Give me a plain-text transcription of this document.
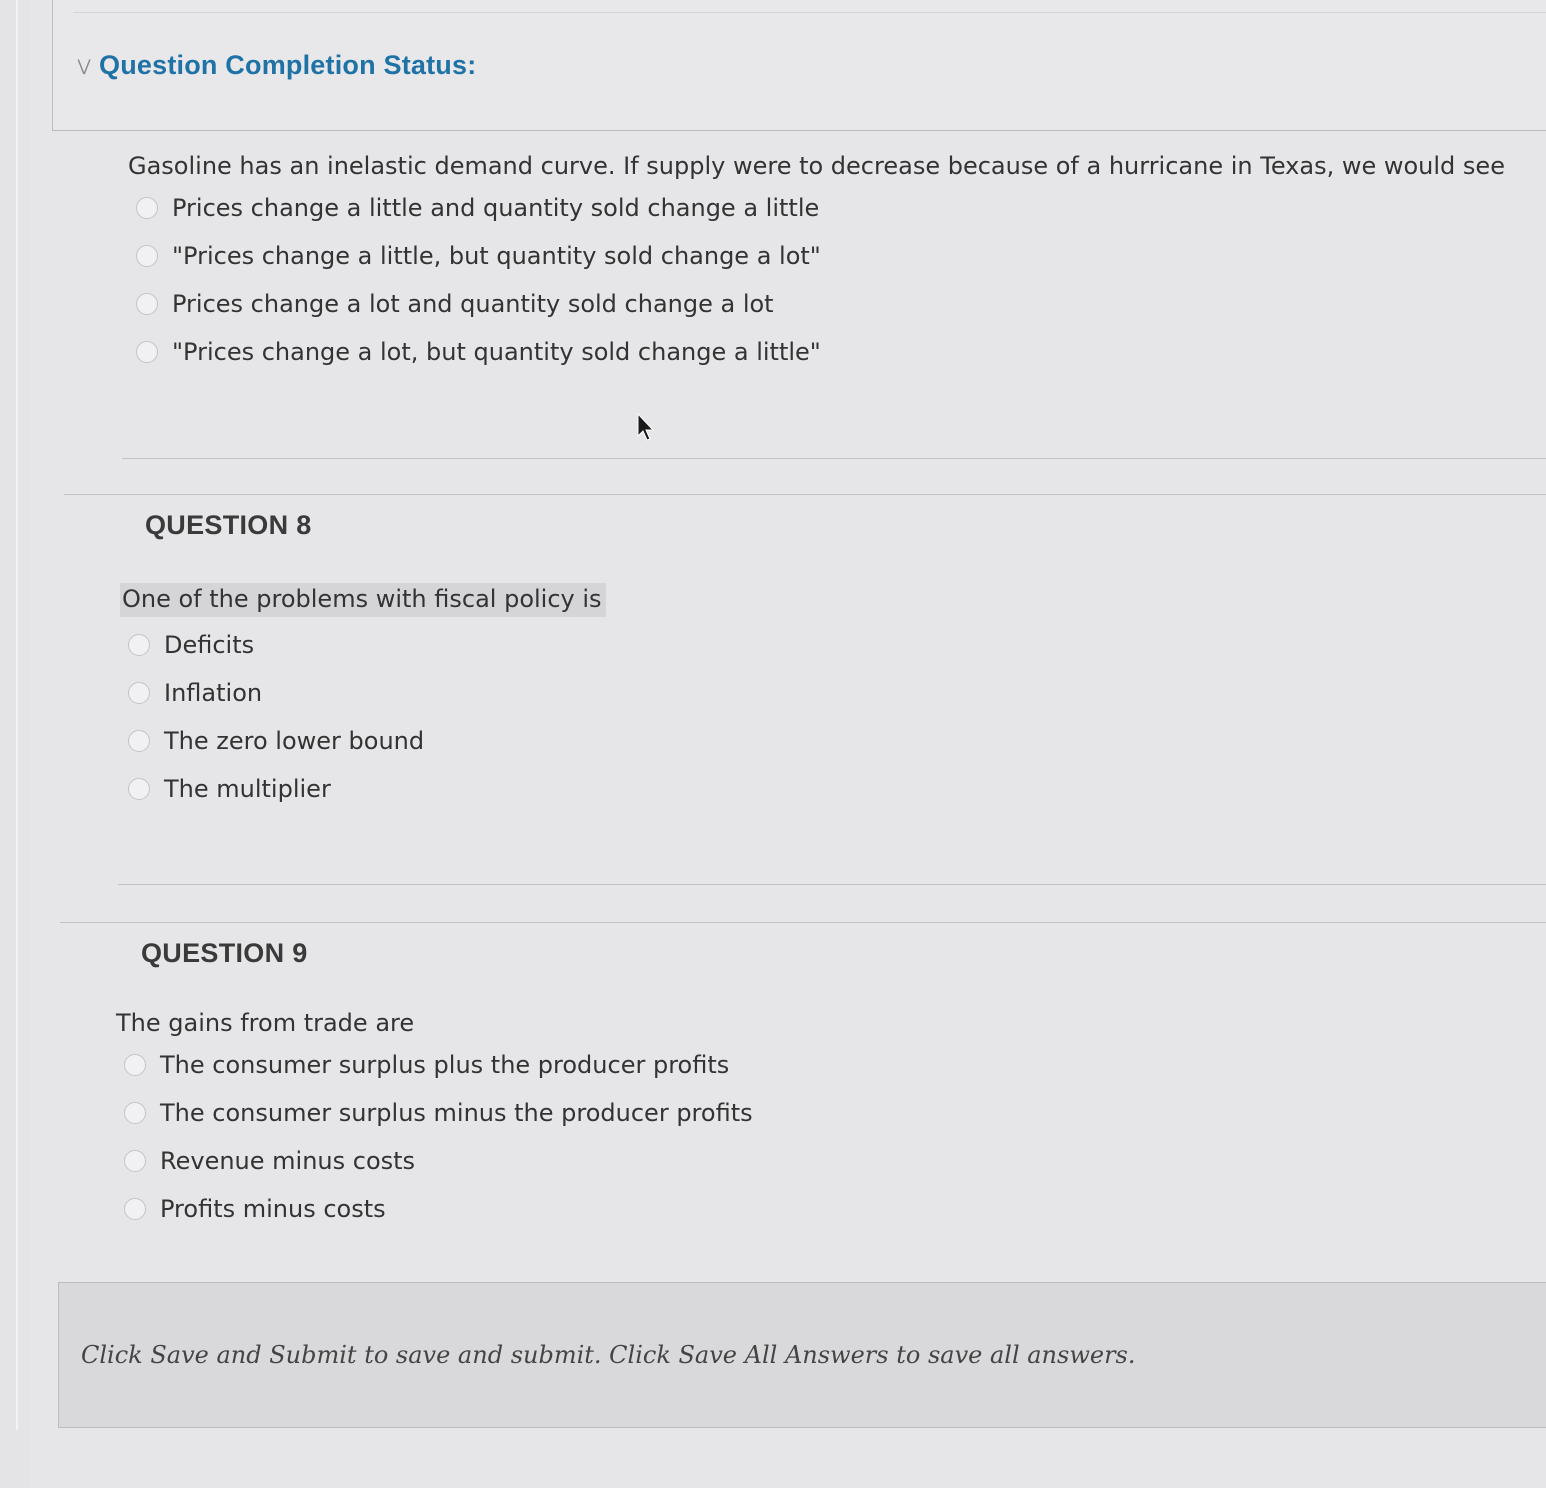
⋁ Question Completion Status:
Gasoline has an inelastic demand curve. If supply were to decrease because of a hurricane in Texas, we would see
Prices change a little and quantity sold change a little
"Prices change a little, but quantity sold change a lot"
Prices change a lot and quantity sold change a lot
"Prices change a lot, but quantity sold change a little"
QUESTION 8
One of the problems with fiscal policy is
Deficits
Inflation
The zero lower bound
The multiplier
QUESTION 9
The gains from trade are
The consumer surplus plus the producer profits
The consumer surplus minus the producer profits
Revenue minus costs
Profits minus costs
Click Save and Submit to save and submit. Click Save All Answers to save all answers.
